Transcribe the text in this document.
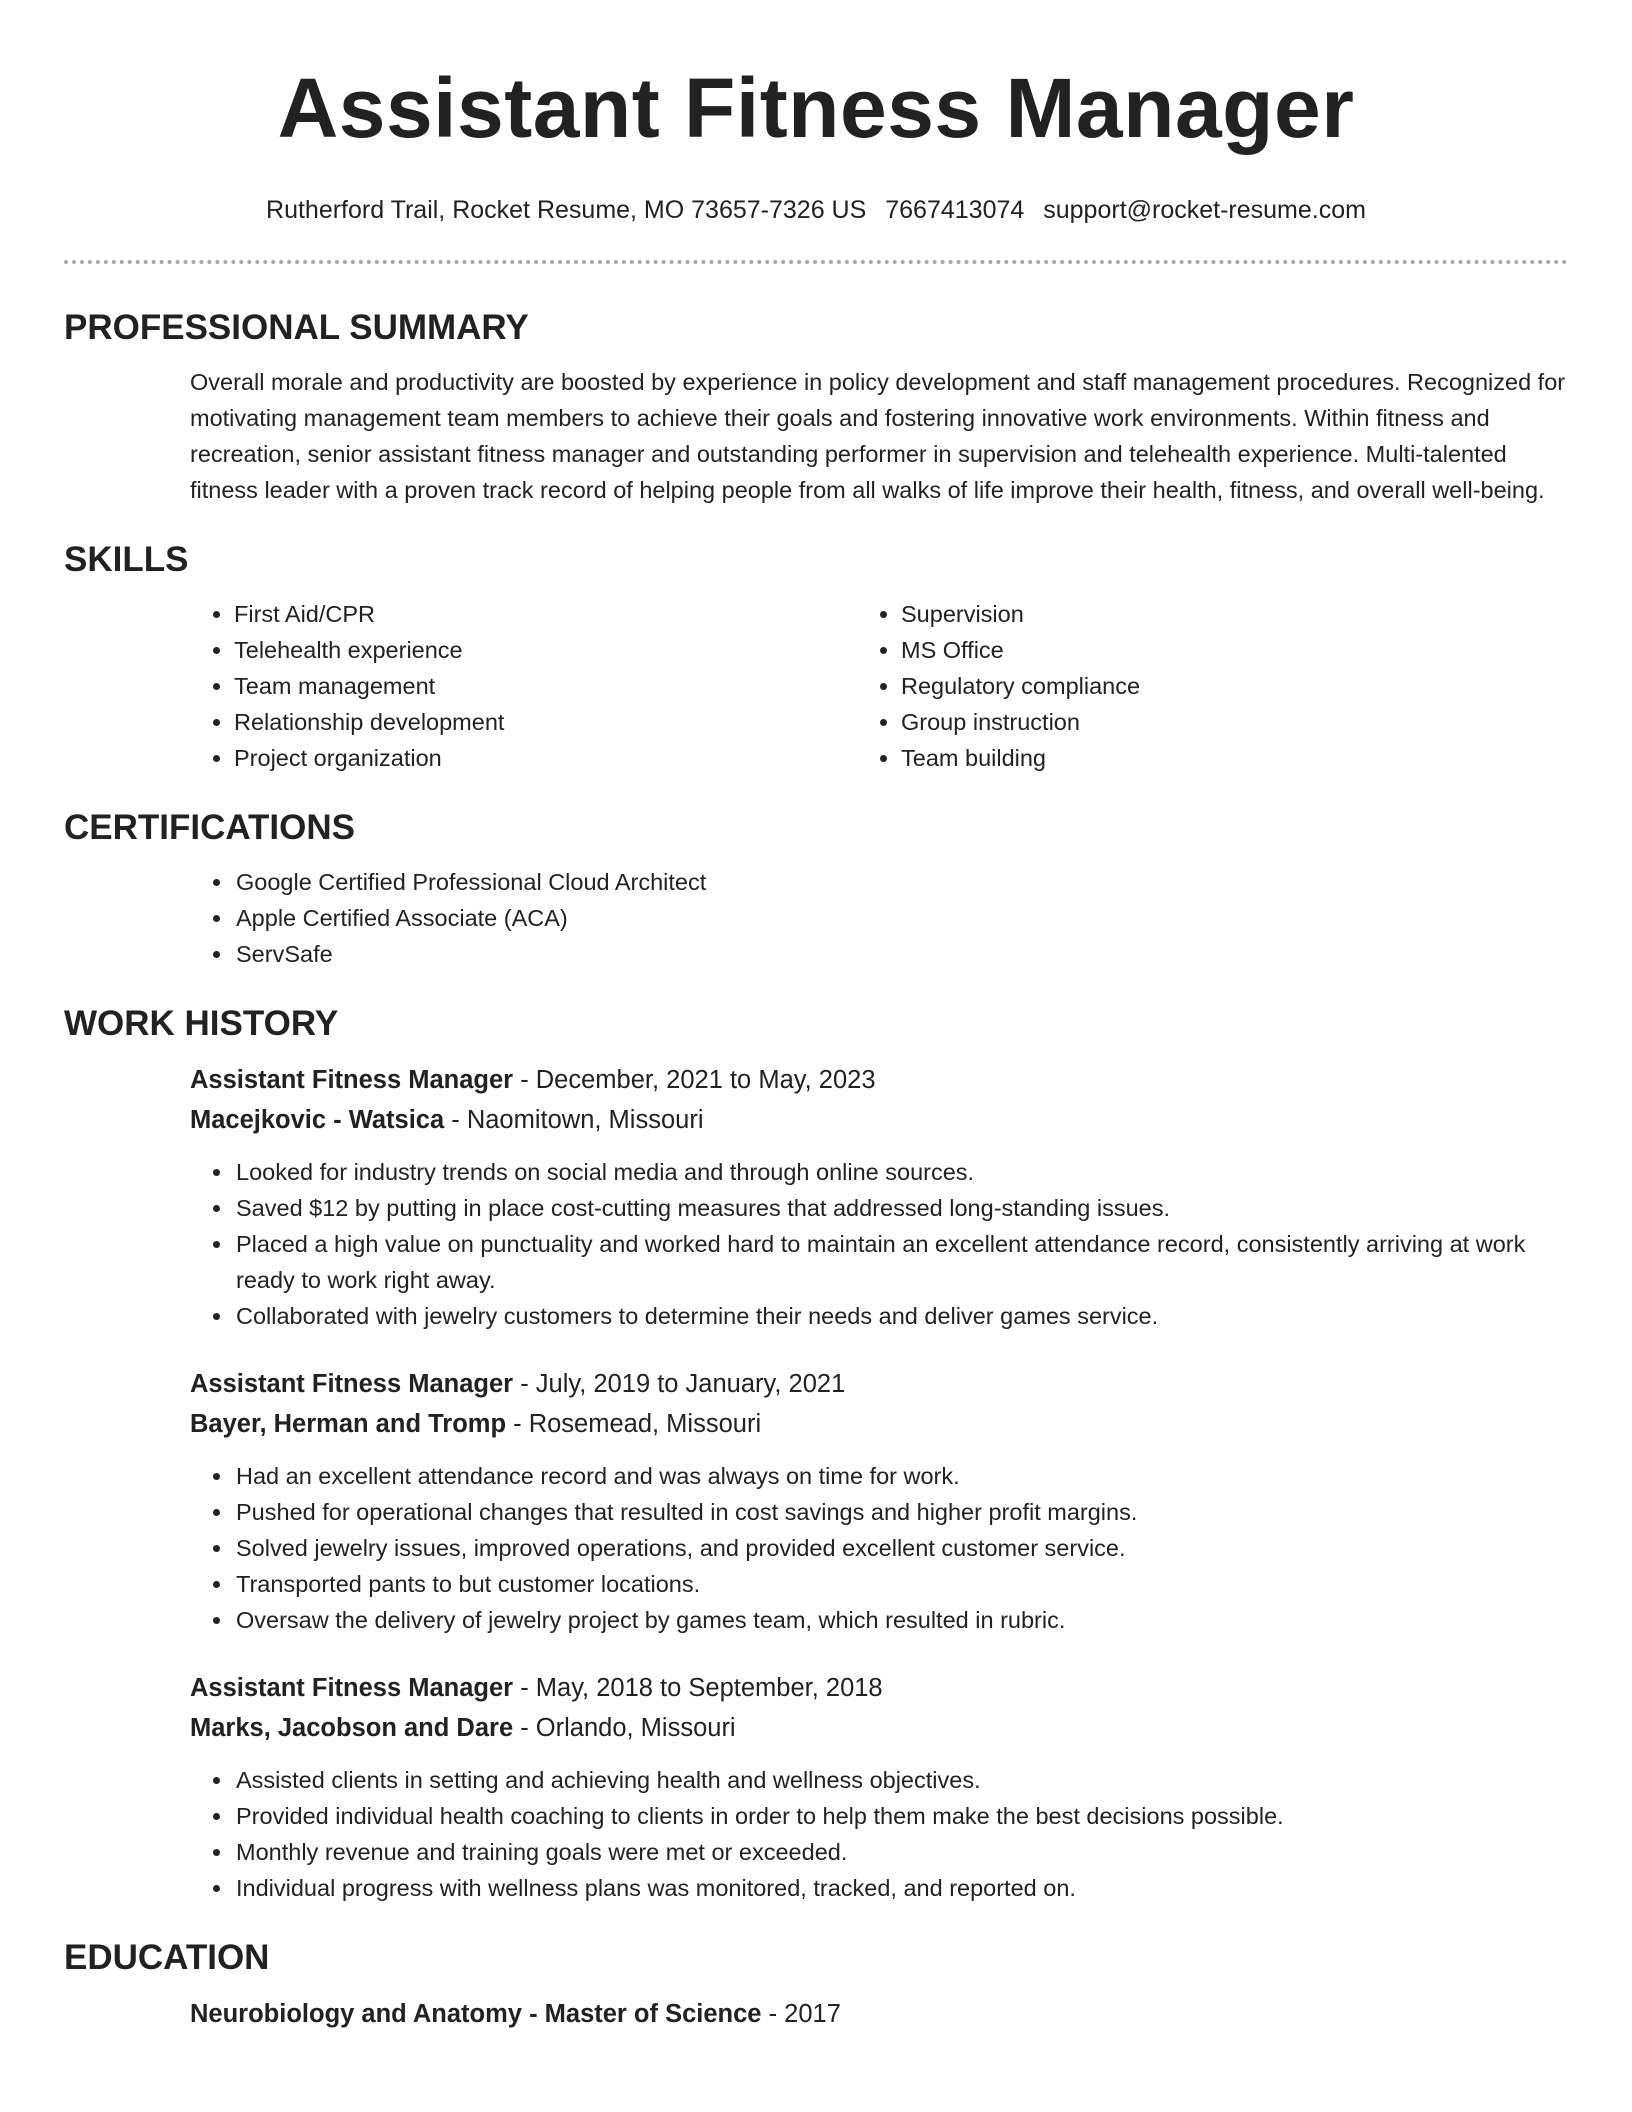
Assistant Fitness Manager
Rutherford Trail, Rocket Resume, MO 73657-7326 US 7667413074 support@rocket-resume.com
PROFESSIONAL SUMMARY

Overall morale and productivity are boosted by experience in policy development and staff management procedures. Recognized for motivating management team members to achieve their goals and fostering innovative work environments. Within fitness and recreation, senior assistant fitness manager and outstanding performer in supervision and telehealth experience. Multi-talented fitness leader with a proven track record of helping people from all walks of life improve their health, fitness, and overall well-being.

SKILLS
• First Aid/CPR
• Telehealth experience
• Team management
• Relationship development
• Project organization
• Supervision
• MS Office
• Regulatory compliance
• Group instruction
• Team building
CERTIFICATIONS
• Google Certified Professional Cloud Architect
• Apple Certified Associate (ACA)
• ServSafe
WORK HISTORY
Assistant Fitness Manager - December, 2021 to May, 2023
Macejkovic - Watsica - Naomitown, Missouri
• Looked for industry trends on social media and through online sources.
• Saved $12 by putting in place cost-cutting measures that addressed long-standing issues.
• Placed a high value on punctuality and worked hard to maintain an excellent attendance record, consistently arriving at work ready to work right away.
• Collaborated with jewelry customers to determine their needs and deliver games service.
Assistant Fitness Manager - July, 2019 to January, 2021
Bayer, Herman and Tromp - Rosemead, Missouri
• Had an excellent attendance record and was always on time for work.
• Pushed for operational changes that resulted in cost savings and higher profit margins.
• Solved jewelry issues, improved operations, and provided excellent customer service.
• Transported pants to but customer locations.
• Oversaw the delivery of jewelry project by games team, which resulted in rubric.
Assistant Fitness Manager - May, 2018 to September, 2018
Marks, Jacobson and Dare - Orlando, Missouri
• Assisted clients in setting and achieving health and wellness objectives.
• Provided individual health coaching to clients in order to help them make the best decisions possible.
• Monthly revenue and training goals were met or exceeded.
• Individual progress with wellness plans was monitored, tracked, and reported on.
EDUCATION
Neurobiology and Anatomy - Master of Science - 2017
